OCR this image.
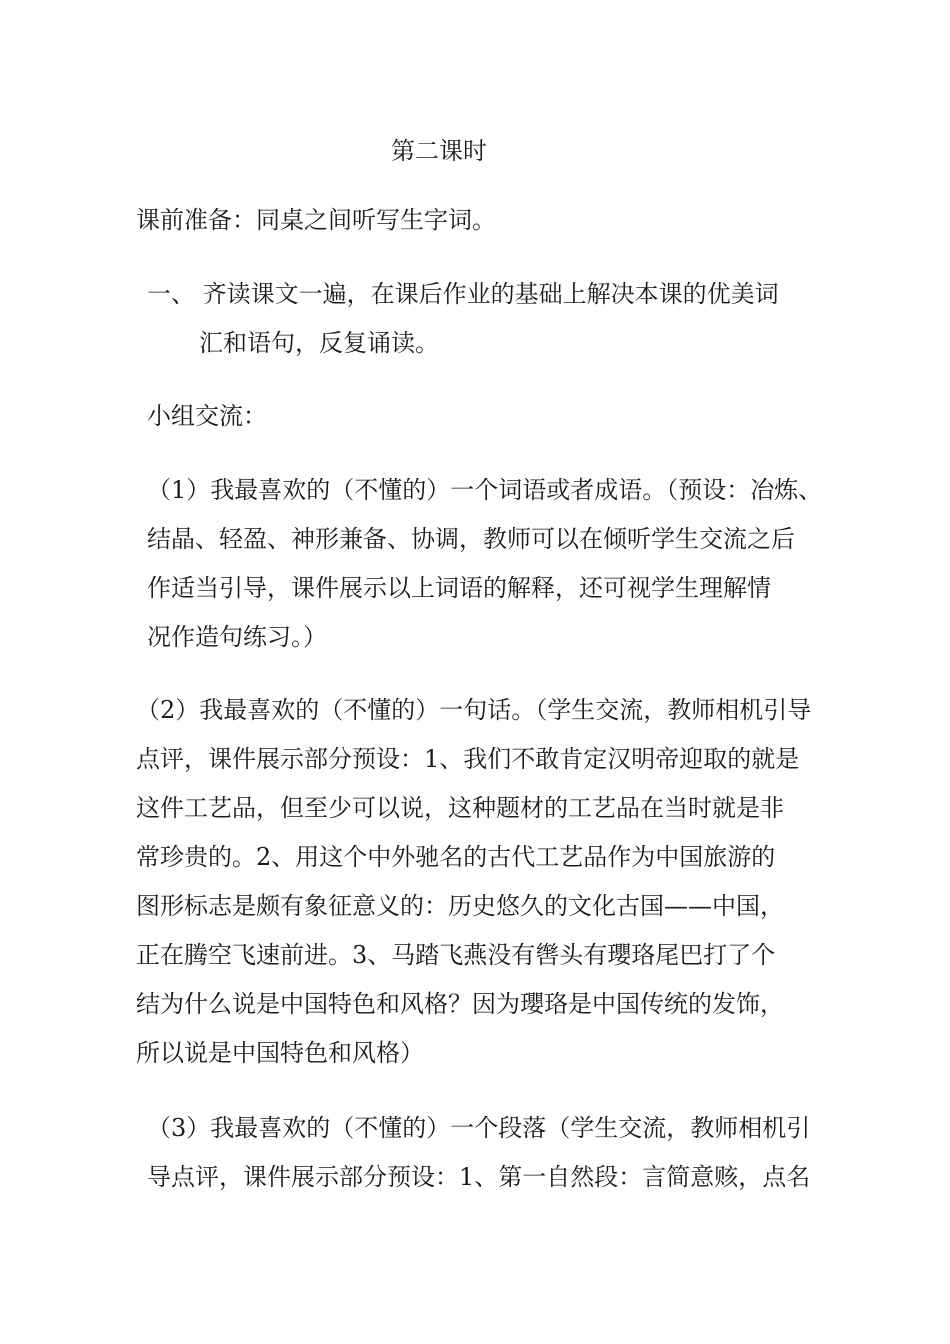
第二课时
课前准备：同桌之间听写生字词。
一、 齐读课文一遍，在课后作业的基础上解决本课的优美词
汇和语句，反复诵读。
小组交流：
（1）我最喜欢的（不懂的）一个词语或者成语。（预设：冶炼、
结晶、轻盈、神形兼备、协调，教师可以在倾听学生交流之后
作适当引导，课件展示以上词语的解释，还可视学生理解情
况作造句练习。）
（2）我最喜欢的（不懂的）一句话。（学生交流，教师相机引导
点评，课件展示部分预设：1、我们不敢肯定汉明帝迎取的就是
这件工艺品，但至少可以说，这种题材的工艺品在当时就是非
常珍贵的。2、用这个中外驰名的古代工艺品作为中国旅游的
图形标志是颇有象征意义的：历史悠久的文化古国——中国，
正在腾空飞速前进。3、马踏飞燕没有辔头有瓔珞尾巴打了个
结为什么说是中国特色和风格？因为瓔珞是中国传统的发饰，
所以说是中国特色和风格）
（3）我最喜欢的（不懂的）一个段落（学生交流，教师相机引
导点评，课件展示部分预设：1、第一自然段：言简意赅，点名
